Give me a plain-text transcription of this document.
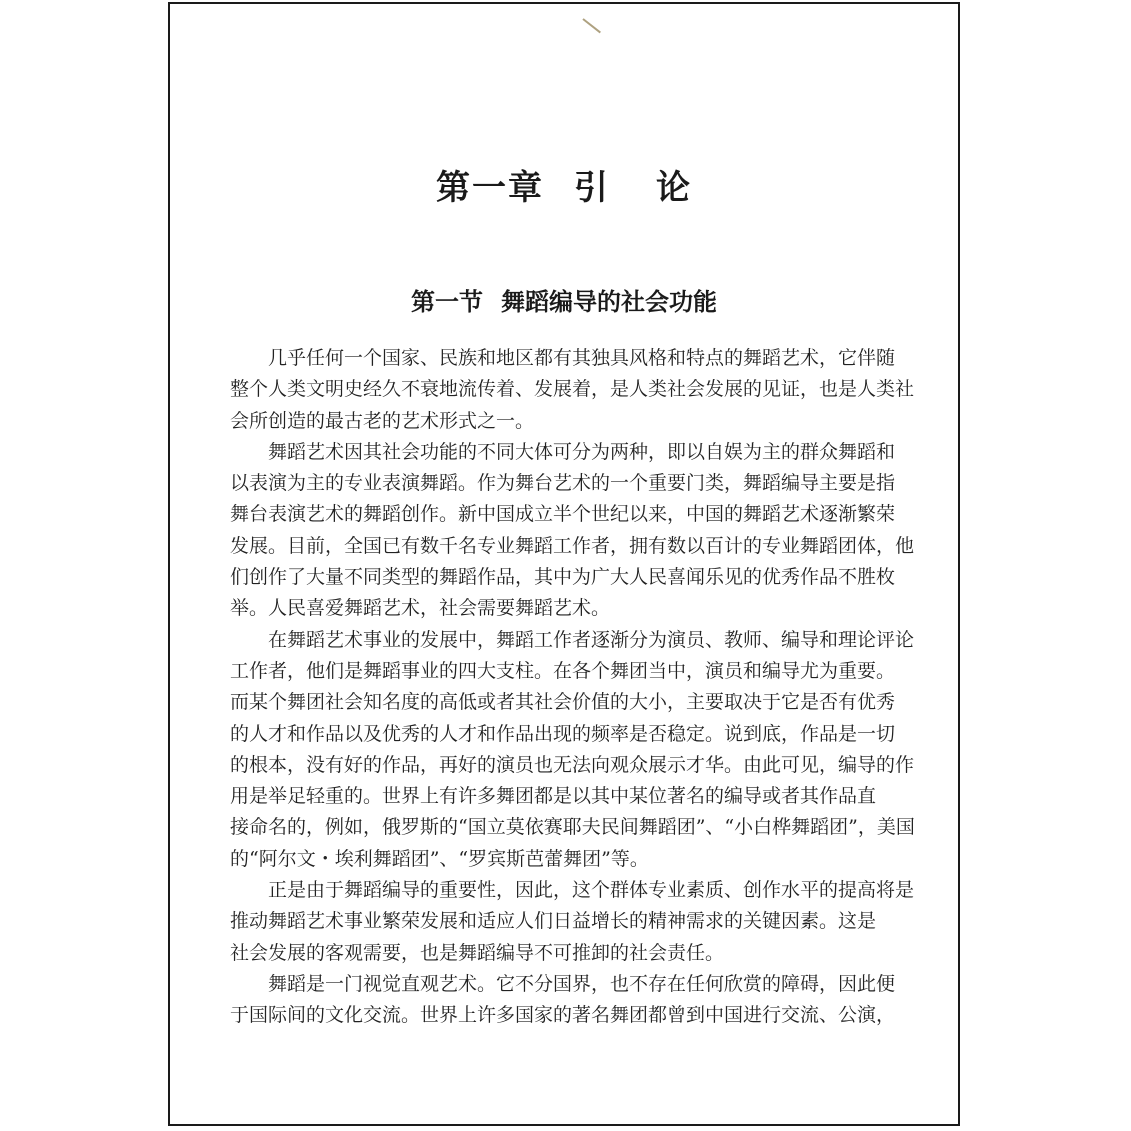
第一章 引 论
第一节 舞蹈编导的社会功能
几乎任何一个国家、民族和地区都有其独具风格和特点的舞蹈艺术，它伴随
整个人类文明史经久不衰地流传着、发展着，是人类社会发展的见证，也是人类社
会所创造的最古老的艺术形式之一。
舞蹈艺术因其社会功能的不同大体可分为两种，即以自娱为主的群众舞蹈和
以表演为主的专业表演舞蹈。作为舞台艺术的一个重要门类，舞蹈编导主要是指
舞台表演艺术的舞蹈创作。新中国成立半个世纪以来，中国的舞蹈艺术逐渐繁荣
发展。目前，全国已有数千名专业舞蹈工作者，拥有数以百计的专业舞蹈团体，他
们创作了大量不同类型的舞蹈作品，其中为广大人民喜闻乐见的优秀作品不胜枚
举。人民喜爱舞蹈艺术，社会需要舞蹈艺术。
在舞蹈艺术事业的发展中，舞蹈工作者逐渐分为演员、教师、编导和理论评论
工作者，他们是舞蹈事业的四大支柱。在各个舞团当中，演员和编导尤为重要。
而某个舞团社会知名度的高低或者其社会价值的大小，主要取决于它是否有优秀
的人才和作品以及优秀的人才和作品出现的频率是否稳定。说到底，作品是一切
的根本，没有好的作品，再好的演员也无法向观众展示才华。由此可见，编导的作
用是举足轻重的。世界上有许多舞团都是以其中某位著名的编导或者其作品直
接命名的，例如，俄罗斯的“国立莫依赛耶夫民间舞蹈团”、“小白桦舞蹈团”，美国
的“阿尔文・埃利舞蹈团”、“罗宾斯芭蕾舞团”等。
正是由于舞蹈编导的重要性，因此，这个群体专业素质、创作水平的提高将是
推动舞蹈艺术事业繁荣发展和适应人们日益增长的精神需求的关键因素。这是
社会发展的客观需要，也是舞蹈编导不可推卸的社会责任。
舞蹈是一门视觉直观艺术。它不分国界，也不存在任何欣赏的障碍，因此便
于国际间的文化交流。世界上许多国家的著名舞团都曾到中国进行交流、公演，
